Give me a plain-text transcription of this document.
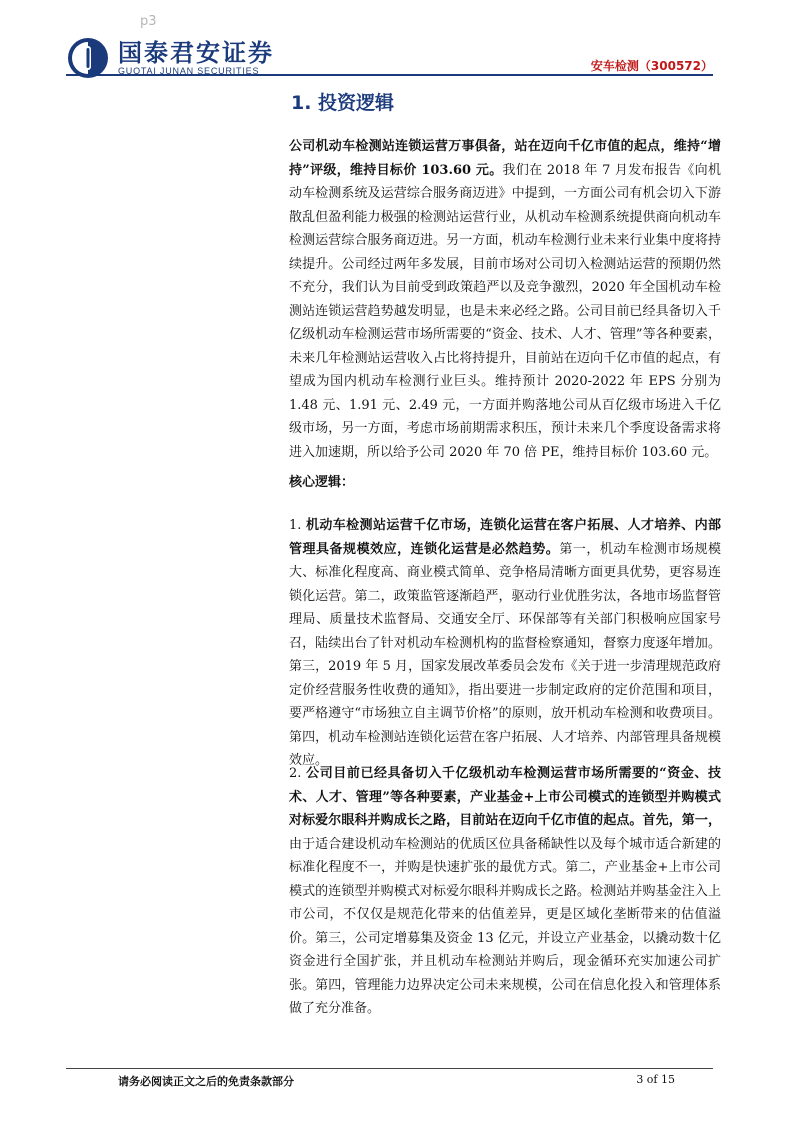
p3
国泰君安证券
GUOTAI JUNAN SECURITIES	安车检测（300572）
1. 投资逻辑

公司机动车检测站连锁运营万事俱备，站在迈向千亿市值的起点，维持“增持”评级，维持目标价 103.60 元。我们在 2018 年 7 月发布报告《向机动车检测系统及运营综合服务商迈进》中提到，一方面公司有机会切入下游散乱但盈利能力极强的检测站运营行业，从机动车检测系统提供商向机动车检测运营综合服务商迈进。另一方面，机动车检测行业未来行业集中度将持续提升。公司经过两年多发展，目前市场对公司切入检测站运营的预期仍然不充分，我们认为目前受到政策趋严以及竞争激烈，2020 年全国机动车检测站连锁运营趋势越发明显，也是未来必经之路。公司目前已经具备切入千亿级机动车检测运营市场所需要的“资金、技术、人才、管理”等各种要素，未来几年检测站运营收入占比将持提升，目前站在迈向千亿市值的起点，有望成为国内机动车检测行业巨头。维持预计 2020-2022 年 EPS 分别为 1.48 元、1.91 元、2.49 元，一方面并购落地公司从百亿级市场进入千亿级市场，另一方面，考虑市场前期需求积压，预计未来几个季度设备需求将进入加速期，所以给予公司 2020 年 70 倍 PE，维持目标价 103.60 元。

核心逻辑：

1. 机动车检测站运营千亿市场，连锁化运营在客户拓展、人才培养、内部管理具备规模效应，连锁化运营是必然趋势。第一，机动车检测市场规模大、标准化程度高、商业模式简单、竞争格局清晰方面更具优势，更容易连锁化运营。第二，政策监管逐渐趋严，驱动行业优胜劣汰，各地市场监督管理局、质量技术监督局、交通安全厅、环保部等有关部门积极响应国家号召，陆续出台了针对机动车检测机构的监督检察通知，督察力度逐年增加。第三，2019 年 5 月，国家发展改革委员会发布《关于进一步清理规范政府定价经营服务性收费的通知》，指出要进一步制定政府的定价范围和项目，要严格遵守“市场独立自主调节价格”的原则，放开机动车检测和收费项目。第四，机动车检测站连锁化运营在客户拓展、人才培养、内部管理具备规模效应。

2. 公司目前已经具备切入千亿级机动车检测运营市场所需要的“资金、技术、人才、管理”等各种要素，产业基金+上市公司模式的连锁型并购模式对标爱尔眼科并购成长之路，目前站在迈向千亿市值的起点。首先，第一，由于适合建设机动车检测站的优质区位具备稀缺性以及每个城市适合新建的标准化程度不一，并购是快速扩张的最优方式。第二，产业基金+上市公司模式的连锁型并购模式对标爱尔眼科并购成长之路。检测站并购基金注入上市公司，不仅仅是规范化带来的估值差异，更是区域化垄断带来的估值溢价。第三，公司定增募集及资金 13 亿元，并设立产业基金，以撬动数十亿资金进行全国扩张，并且机动车检测站并购后，现金循环充实加速公司扩张。第四，管理能力边界决定公司未来规模，公司在信息化投入和管理体系做了充分准备。

请务必阅读正文之后的免责条款部分	3 of 15
